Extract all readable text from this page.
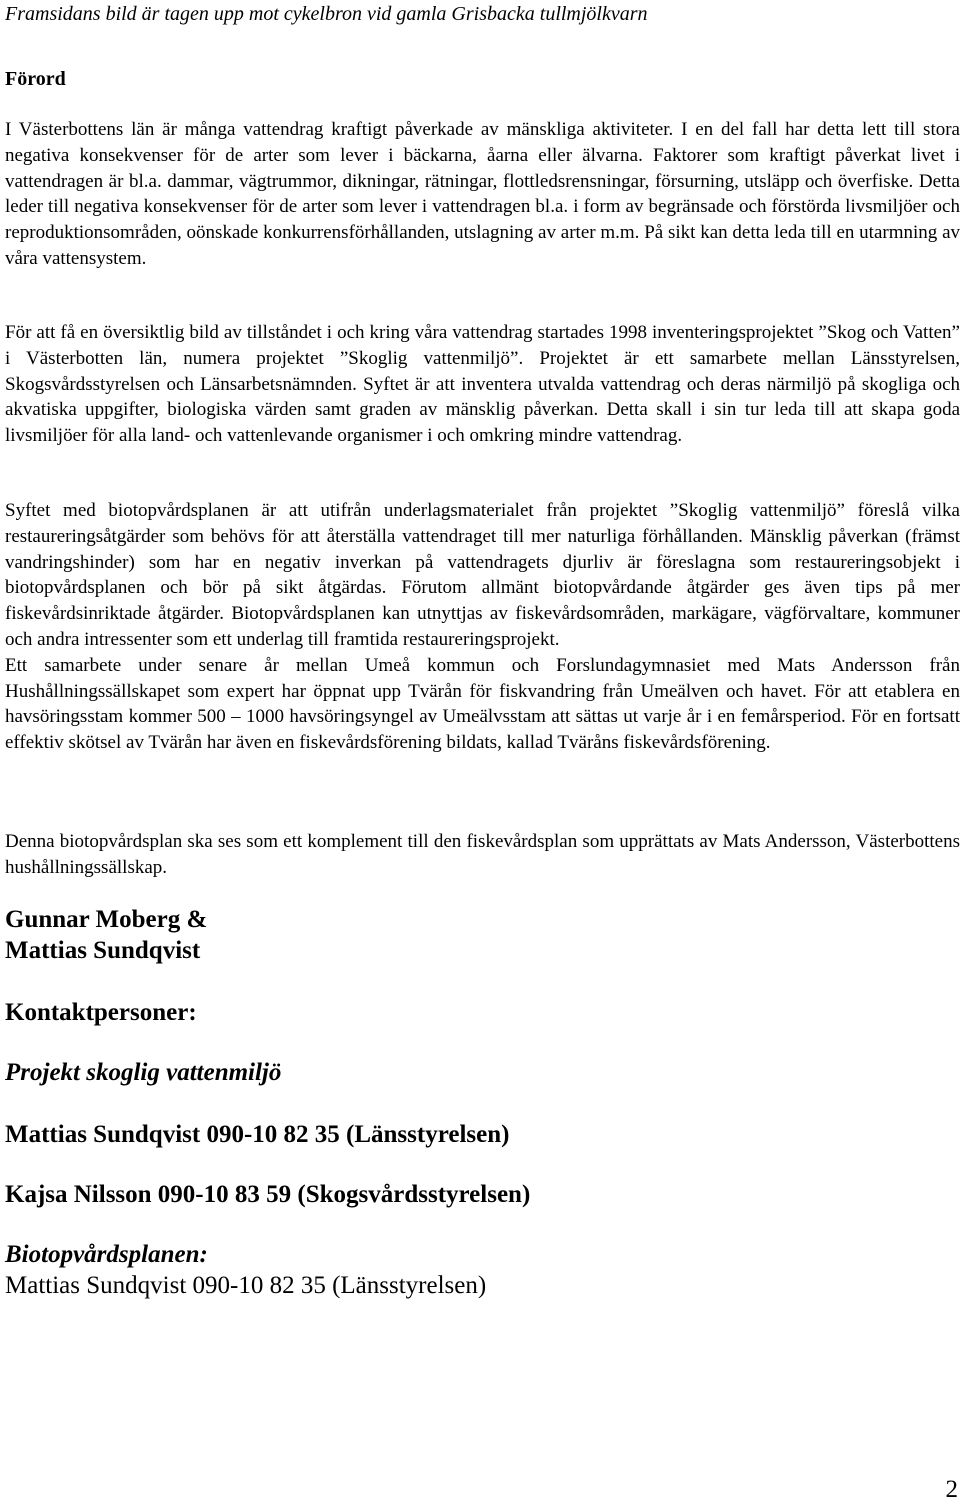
Framsidans bild är tagen upp mot cykelbron vid gamla Grisbacka tullmjölkvarn
Förord

I Västerbottens län är många vattendrag kraftigt påverkade av mänskliga aktiviteter. I en del fall har detta lett till stora negativa konsekvenser för de arter som lever i bäckarna, åarna eller älvarna. Faktorer som kraftigt påverkat livet i vattendragen är bl.a. dammar, vägtrummor, dikningar, rätningar, flottledsrensningar, försurning, utsläpp och överfiske. Detta leder till negativa konsekvenser för de arter som lever i vattendragen bl.a. i form av begränsade och förstörda livsmiljöer och reproduktionsområden, oönskade konkurrensförhållanden, utslagning av arter m.m. På sikt kan detta leda till en utarmning av våra vattensystem.

För att få en översiktlig bild av tillståndet i och kring våra vattendrag startades 1998 inventeringsprojektet ”Skog och Vatten” i Västerbotten län, numera projektet ”Skoglig vattenmiljö”. Projektet är ett samarbete mellan Länsstyrelsen, Skogsvårdsstyrelsen och Länsarbetsnämnden. Syftet är att inventera utvalda vattendrag och deras närmiljö på skogliga och akvatiska uppgifter, biologiska värden samt graden av mänsklig påverkan. Detta skall i sin tur leda till att skapa goda livsmiljöer för alla land- och vattenlevande organismer i och omkring mindre vattendrag.

Syftet med biotopvårdsplanen är att utifrån underlagsmaterialet från projektet ”Skoglig vattenmiljö” föreslå vilka restaureringsåtgärder som behövs för att återställa vattendraget till mer naturliga förhållanden. Mänsklig påverkan (främst vandringshinder) som har en negativ inverkan på vattendragets djurliv är föreslagna som restaureringsobjekt i biotopvårdsplanen och bör på sikt åtgärdas. Förutom allmänt biotopvårdande åtgärder ges även tips på mer fiskevårdsinriktade åtgärder. Biotopvårdsplanen kan utnyttjas av fiskevårdsområden, markägare, vägförvaltare, kommuner och andra intressenter som ett underlag till framtida restaureringsprojekt.

Ett samarbete under senare år mellan Umeå kommun och Forslundagymnasiet med Mats Andersson från Hushållningssällskapet som expert har öppnat upp Tvärån för fiskvandring från Umeälven och havet. För att etablera en havsöringsstam kommer 500 – 1000 havsöringsyngel av Umeälvsstam att sättas ut varje år i en femårsperiod. För en fortsatt effektiv skötsel av Tvärån har även en fiskevårdsförening bildats, kallad Tväråns fiskevårdsförening.

Denna biotopvårdsplan ska ses som ett komplement till den fiskevårdsplan som upprättats av Mats Andersson, Västerbottens hushållningssällskap.

Gunnar Moberg &
Mattias Sundqvist
Kontaktpersoner:
Projekt skoglig vattenmiljö
Mattias Sundqvist 090-10 82 35 (Länsstyrelsen)
Kajsa Nilsson 090-10 83 59 (Skogsvårdsstyrelsen)
Biotopvårdsplanen:
Mattias Sundqvist 090-10 82 35 (Länsstyrelsen)
2
